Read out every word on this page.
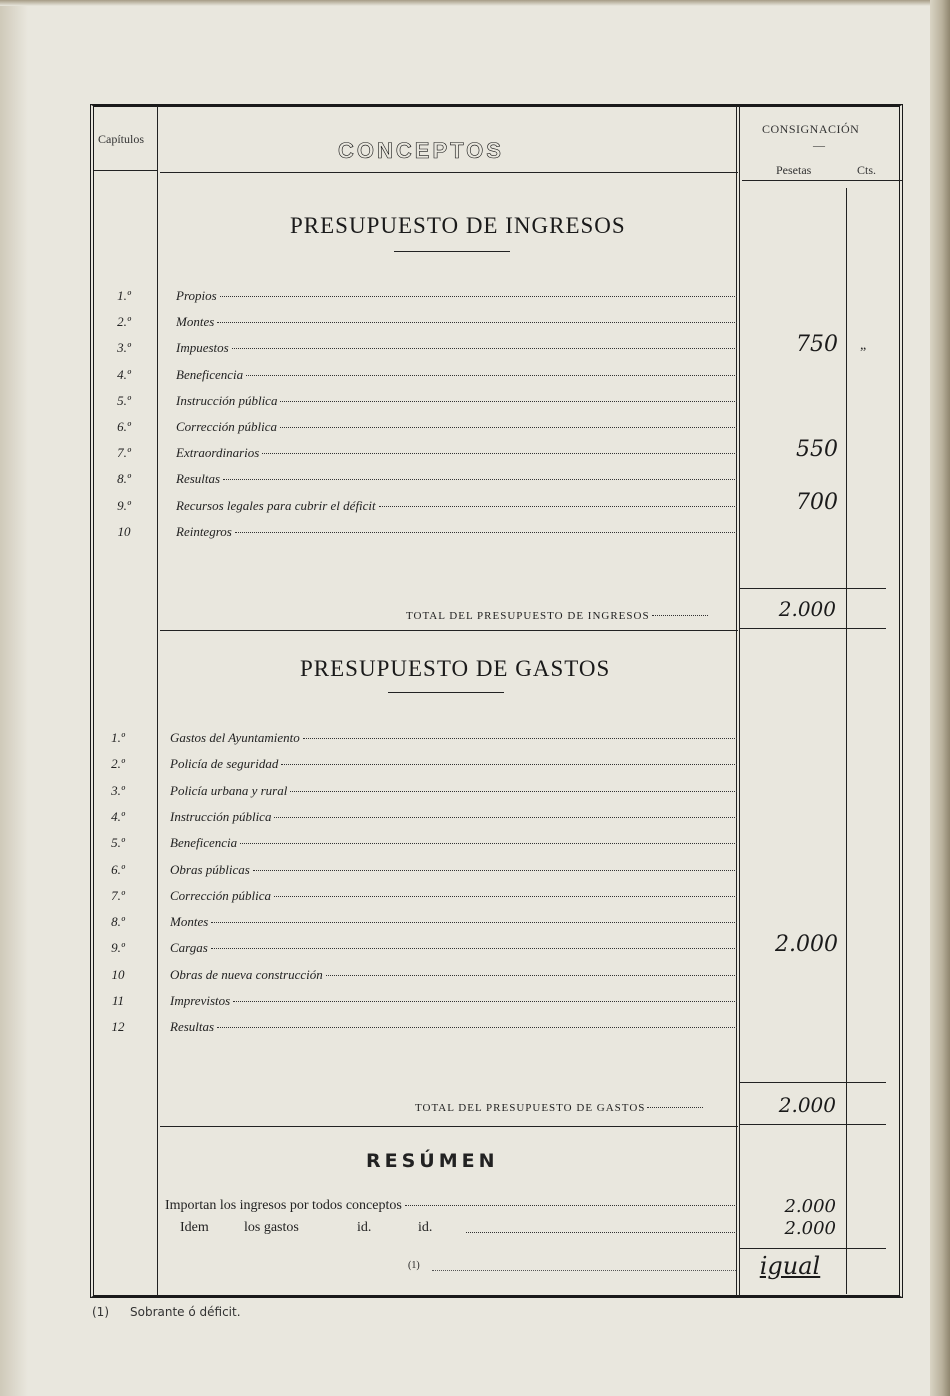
Capítulos	CONCEPTOS
CONSIGNACIÓN
—
Pesetas	Cts.
PRESUPUESTO DE INGRESOS
1.º	Propios
2.º	Montes
3.º	Impuestos	750 „
4.º	Beneficencia
5.º	Instrucción pública
6.º	Corrección pública
7.º	Extraordinarios	550
8.º	Resultas
9.º	Recursos legales para cubrir el déficit	700
10	Reintegros
TOTAL DEL PRESUPUESTO DE INGRESOS	2.000
PRESUPUESTO DE GASTOS
1.º	Gastos del Ayuntamiento
2.º	Policía de seguridad
3.º	Policía urbana y rural
4.º	Instrucción pública
5.º	Beneficencia
6.º	Obras públicas
7.º	Corrección pública
8.º	Montes
9.º	Cargas	2.000
10	Obras de nueva construcción
11	Imprevistos
12	Resultas
TOTAL DEL PRESUPUESTO DE GASTOS	2.000
RESÚMEN
Importan los ingresos por todos conceptos	2.000
Idem	los gastos	id.	id.	2.000
(1)	igual
(1) Sobrante ó déficit.
